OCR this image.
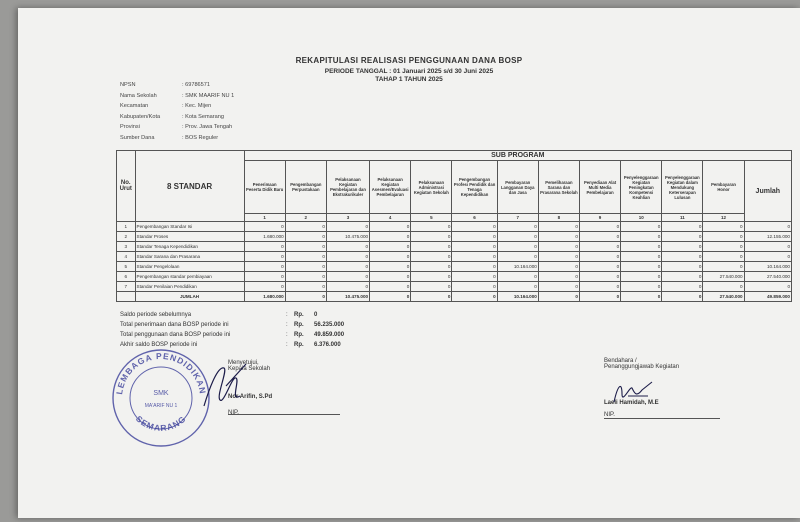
REKAPITULASI REALISASI PENGGUNAAN DANA BOSP
PERIODE TANGGAL : 01 Januari 2025 s/d 30 Juni 2025
TAHAP 1 TAHUN 2025
NPSN	: 69786571
Nama Sekolah	: SMK MAARIF NU 1
Kecamatan	: Kec. Mijen
Kabupaten/Kota	: Kota Semarang
Provinsi	: Prov. Jawa Tengah
Sumber Dana	: BOS Reguler
No. Urut	8 STANDAR	SUB PROGRAM												
		Penerimaan Peserta Didik Baru	Pengembangan Perpustakaan	Pelaksanaan Kegiatan Pembelajaran dan Ekstrakurikuler	Pelaksanaan Kegiatan Asesmen/Evaluasi Pembelajaran	Pelaksanaan Administrasi Kegiatan Sekolah	Pengembangan Profesi Pendidik dan Tenaga Kependidikan	Pembayaran Langganan Daya dan Jasa	Pemeliharaan Sarana dan Prasarana Sekolah	Penyediaan Alat Multi Media Pembelajaran	Penyelenggaraan Kegiatan Peningkatan Kompetensi Keahlian	Penyelenggaraan Kegiatan dalam Mendukung Keterserapan Lulusan	Pembayaran Honor	Jumlah
		1	2	3	4	5	6	7	8	9	10	11	12	
1	Pengembangan Standar Isi	0	0	0	0	0	0	0	0	0	0	0	0	0
2	Standar Proses	1.680.000	0	10.475.000	0	0	0	0	0	0	0	0	0	12.155.000
3	Standar Tenaga Kependidikan	0	0	0	0	0	0	0	0	0	0	0	0	0
4	Standar Sarana dan Prasarana	0	0	0	0	0	0	0	0	0	0	0	0	0
5	Standar Pengelolaan	0	0	0	0	0	0	10.164.000	0	0	0	0	0	10.164.000
6	Pengembangan standar pembiayaan	0	0	0	0	0	0	0	0	0	0	0	27.540.000	27.540.000
7	Standar Penilaian Pendidikan	0	0	0	0	0	0	0	0	0	0	0	0	0
	JUMLAH	1.680.000	0	10.475.000	0	0	0	10.164.000	0	0	0	0	27.540.000	49.859.000
Saldo periode sebelumnya	:	Rp.	0
Total penerimaan dana BOSP periode ini	:	Rp.	56.235.000
Total penggunaan dana BOSP periode ini	:	Rp.	49.859.000
Akhir saldo BOSP periode ini	:	Rp.	6.376.000
LEMBAGA PENDIDIKAN
SEMARANG
SMK
MA'ARIF NU 1
Menyetujui,
Kepala Sekolah
Nor Arifin, S.Pd
NIP.
Bendahara /
Penanggungjawab Kegiatan
Laeli Hamidah, M.E
NIP.
